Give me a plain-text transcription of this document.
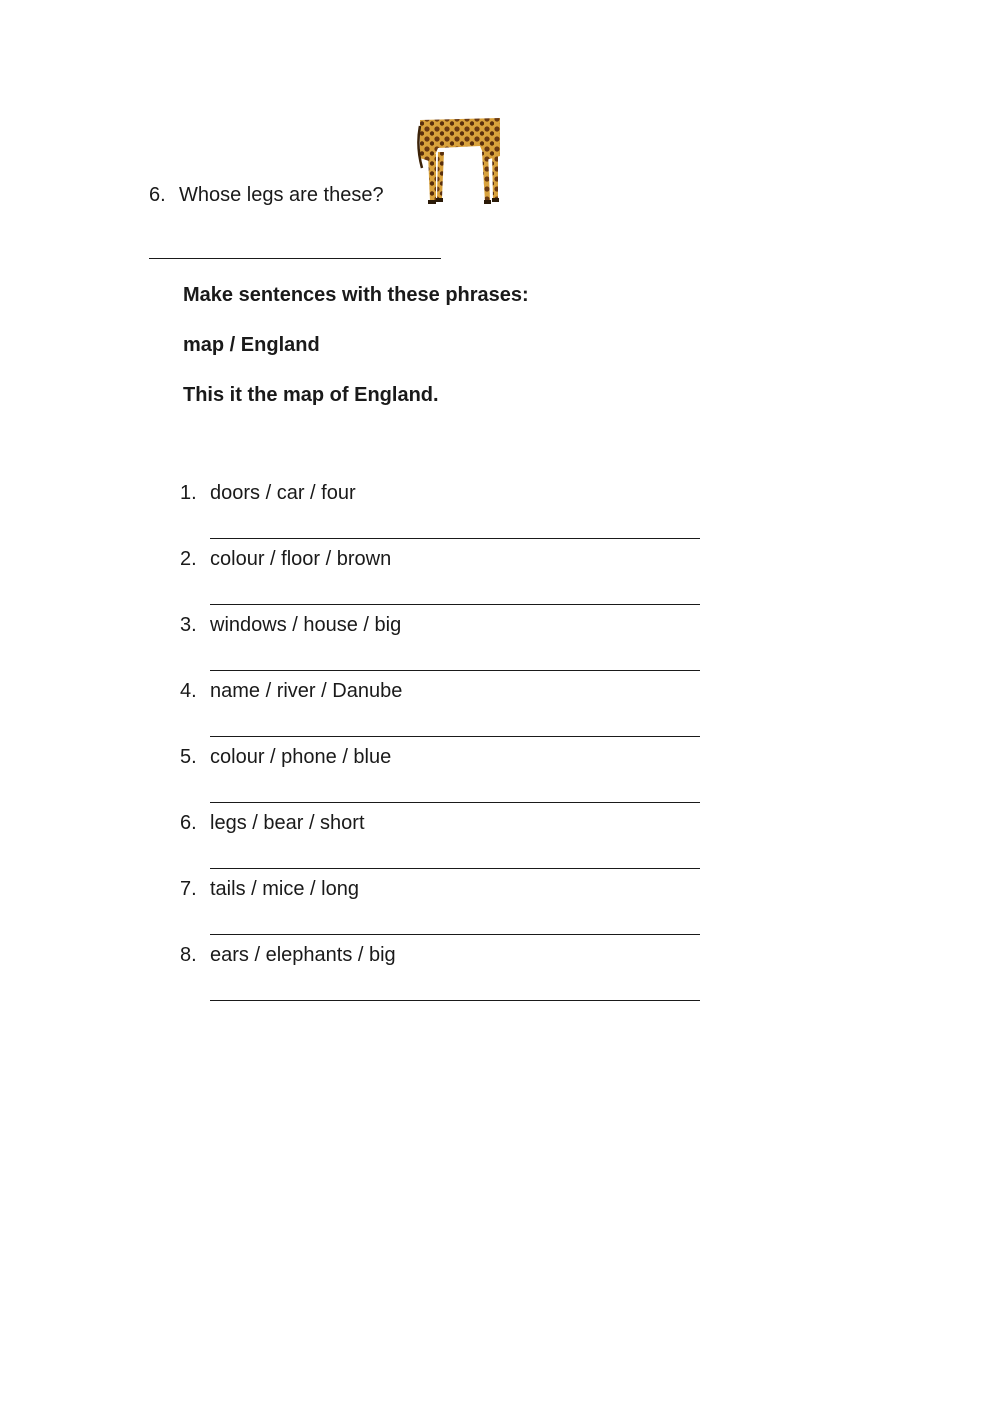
6. Whose legs are these?
Make sentences with these phrases:
map / England
This it the map of England.
1. doors / car / four
2. colour / floor / brown
3. windows / house / big
4. name / river / Danube
5. colour / phone / blue
6. legs / bear / short
7. tails / mice / long
8. ears / elephants / big
